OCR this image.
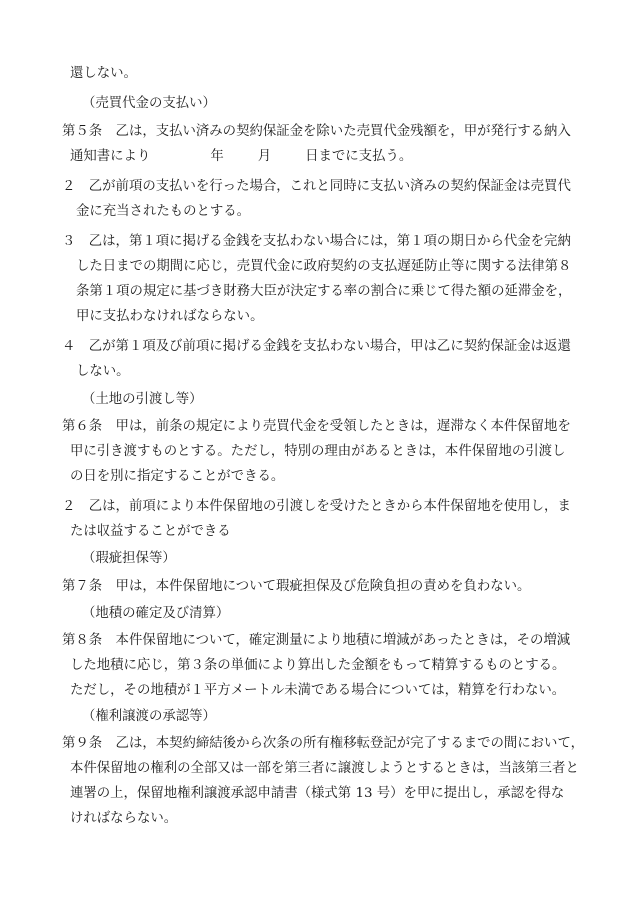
還しない。
（売買代金の支払い）
第５条　乙は，支払い済みの契約保証金を除いた売買代金残額を，甲が発行する納入
通知書により	年	月	日までに支払う。
２　乙が前項の支払いを行った場合，これと同時に支払い済みの契約保証金は売買代
金に充当されたものとする。
３　乙は，第１項に掲げる金銭を支払わない場合には，第１項の期日から代金を完納
した日までの期間に応じ，売買代金に政府契約の支払遅延防止等に関する法律第８
条第１項の規定に基づき財務大臣が決定する率の割合に乗じて得た額の延滞金を，
甲に支払わなければならない。
４　乙が第１項及び前項に掲げる金銭を支払わない場合，甲は乙に契約保証金は返還
しない。
（土地の引渡し等）
第６条　甲は，前条の規定により売買代金を受領したときは，遅滞なく本件保留地を
甲に引き渡すものとする。ただし，特別の理由があるときは，本件保留地の引渡し
の日を別に指定することができる。
２　乙は，前項により本件保留地の引渡しを受けたときから本件保留地を使用し，ま
たは収益することができる
（瑕疵担保等）
第７条　甲は，本件保留地について瑕疵担保及び危険負担の責めを負わない。
（地積の確定及び清算）
第８条　本件保留地について，確定測量により地積に増減があったときは，その増減
した地積に応じ，第３条の単価により算出した金額をもって精算するものとする。
ただし，その地積が１平方メートル未満である場合については，精算を行わない。
（権利譲渡の承認等）
第９条　乙は，本契約締結後から次条の所有権移転登記が完了するまでの間において，
本件保留地の権利の全部又は一部を第三者に譲渡しようとするときは，当該第三者と
連署の上，保留地権利譲渡承認申請書（様式第 13 号）を甲に提出し，承認を得な
ければならない。
